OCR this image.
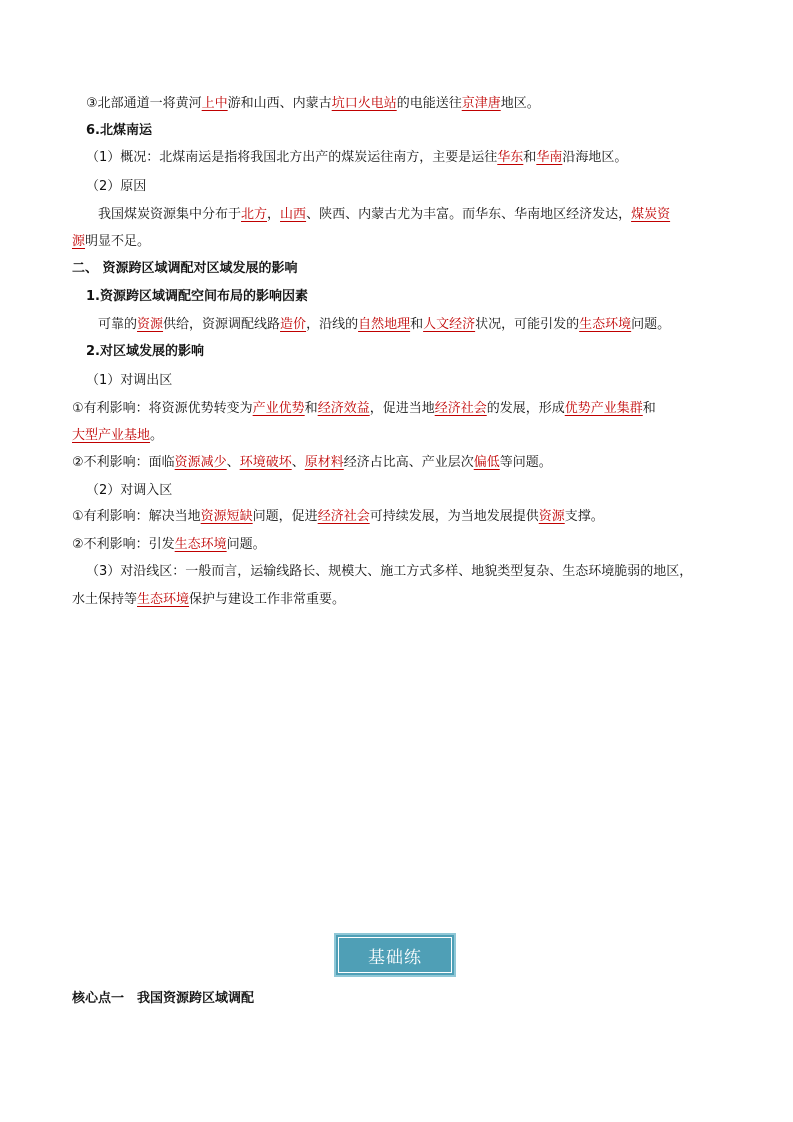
③北部通道一将黄河上中游和山西、内蒙古坑口火电站的电能送往京津唐地区。
6.北煤南运
（1）概况：北煤南运是指将我国北方出产的煤炭运往南方，主要是运往华东和华南沿海地区。
（2）原因
我国煤炭资源集中分布于北方，山西、陕西、内蒙古尤为丰富。而华东、华南地区经济发达，煤炭资
源明显不足。
二、 资源跨区域调配对区域发展的影响
1.资源跨区域调配空间布局的影响因素
可靠的资源供给，资源调配线路造价，沿线的自然地理和人文经济状况，可能引发的生态环境问题。
2.对区域发展的影响
（1）对调出区
①有利影响：将资源优势转变为产业优势和经济效益，促进当地经济社会的发展，形成优势产业集群和
大型产业基地。
②不利影响：面临资源减少、环境破坏、原材料经济占比高、产业层次偏低等问题。
（2）对调入区
①有利影响：解决当地资源短缺问题，促进经济社会可持续发展，为当地发展提供资源支撑。
②不利影响：引发生态环境问题。
（3）对沿线区：一般而言，运输线路长、规模大、施工方式多样、地貌类型复杂、生态环境脆弱的地区，
水土保持等生态环境保护与建设工作非常重要。
基础练
核心点一　我国资源跨区域调配
